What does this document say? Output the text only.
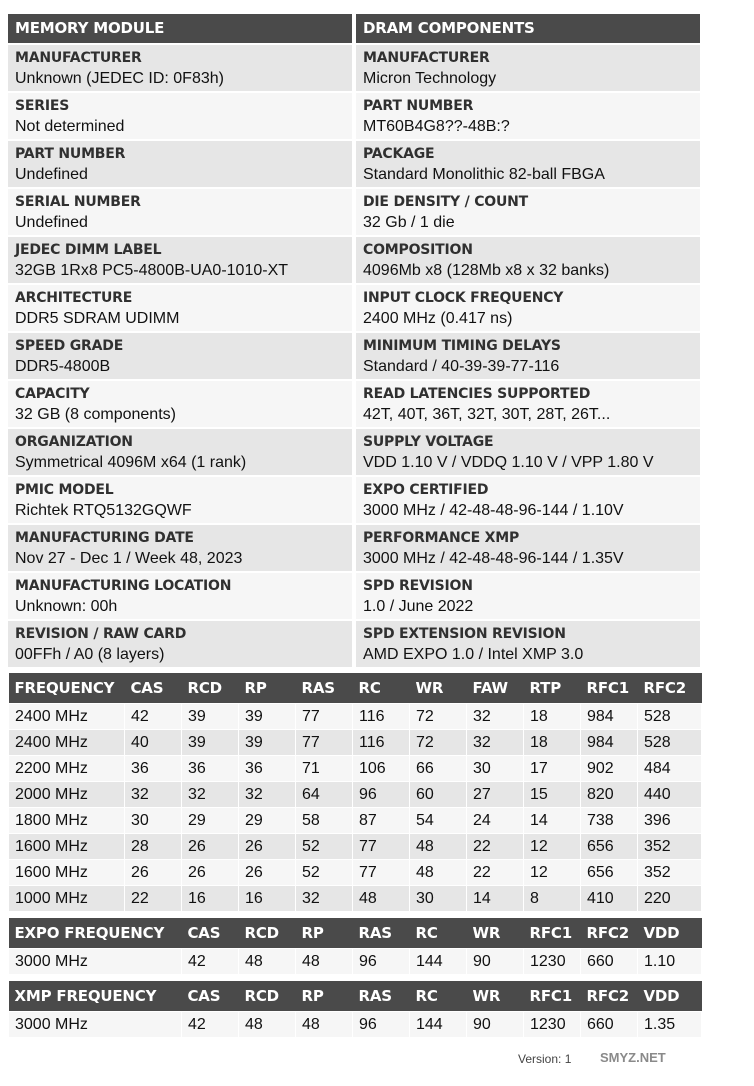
MEMORY MODULE
MANUFACTURER
Unknown (JEDEC ID: 0F83h)
SERIES
Not determined
PART NUMBER
Undefined
SERIAL NUMBER
Undefined
JEDEC DIMM LABEL
32GB 1Rx8 PC5-4800B-UA0-1010-XT
ARCHITECTURE
DDR5 SDRAM UDIMM
SPEED GRADE
DDR5-4800B
CAPACITY
32 GB (8 components)
ORGANIZATION
Symmetrical 4096M x64 (1 rank)
PMIC MODEL
Richtek RTQ5132GQWF
MANUFACTURING DATE
Nov 27 - Dec 1 / Week 48, 2023
MANUFACTURING LOCATION
Unknown: 00h
REVISION / RAW CARD
00FFh / A0 (8 layers)
DRAM COMPONENTS
MANUFACTURER
Micron Technology
PART NUMBER
MT60B4G8??-48B:?
PACKAGE
Standard Monolithic 82-ball FBGA
DIE DENSITY / COUNT
32 Gb / 1 die
COMPOSITION
4096Mb x8 (128Mb x8 x 32 banks)
INPUT CLOCK FREQUENCY
2400 MHz (0.417 ns)
MINIMUM TIMING DELAYS
Standard / 40-39-39-77-116
READ LATENCIES SUPPORTED
42T, 40T, 36T, 32T, 30T, 28T, 26T...
SUPPLY VOLTAGE
VDD 1.10 V / VDDQ 1.10 V / VPP 1.80 V
EXPO CERTIFIED
3000 MHz / 42-48-48-96-144 / 1.10V
PERFORMANCE XMP
3000 MHz / 42-48-48-96-144 / 1.35V
SPD REVISION
1.0 / June 2022
SPD EXTENSION REVISION
AMD EXPO 1.0 / Intel XMP 3.0
FREQUENCY	CAS	RCD	RP	RAS	RC	WR	FAW	RTP	RFC1	RFC2
2400 MHz	42	39	39	77	116	72	32	18	984	528
2400 MHz	40	39	39	77	116	72	32	18	984	528
2200 MHz	36	36	36	71	106	66	30	17	902	484
2000 MHz	32	32	32	64	96	60	27	15	820	440
1800 MHz	30	29	29	58	87	54	24	14	738	396
1600 MHz	28	26	26	52	77	48	22	12	656	352
1600 MHz	26	26	26	52	77	48	22	12	656	352
1000 MHz	22	16	16	32	48	30	14	8	410	220
EXPO FREQUENCY	CAS	RCD	RP	RAS	RC	WR	RFC1	RFC2	VDD
3000 MHz	42	48	48	96	144	90	1230	660	1.10
XMP FREQUENCY	CAS	RCD	RP	RAS	RC	WR	RFC1	RFC2	VDD
3000 MHz	42	48	48	96	144	90	1230	660	1.35
Version: 1 SMYZ.NET
